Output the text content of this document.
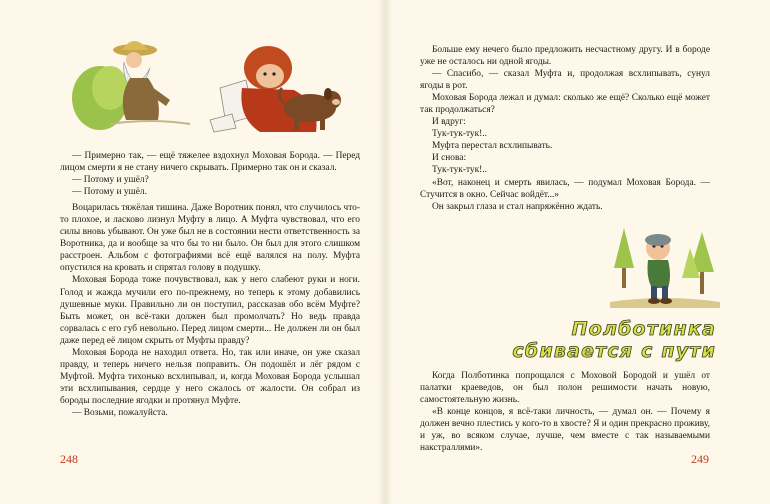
— Примерно так, — ещё тяжелее вздохнул Моховая Борода. — Перед лицом смерти я не стану ничего скрывать. Примерно так он и сказал.

— Потому и ушёл?

— Потому и ушёл.

Воцарилась тяжёлая тишина. Даже Воротник понял, что случилось что-то плохое, и ласково лизнул Муфту в лицо. А Муфта чувствовал, что его силы вновь убывают. Он уже был не в состоянии нести ответственность за Воротника, да и вообще за что бы то ни было. Он был для этого слишком расстроен. Альбом с фотографиями всё ещё валялся на полу. Муфта опустился на кровать и спрятал голову в подушку.

Моховая Борода тоже почувствовал, как у него слабеют руки и ноги. Голод и жажда мучили его по-прежнему, но теперь к этому добавились душевные муки. Правильно ли он поступил, рассказав обо всём Муфте? Быть может, он всё-таки должен был промолчать? Но ведь правда сорвалась с его губ невольно. Перед лицом смерти... Не должен ли он был даже перед её лицом скрыть от Муфты правду?

Моховая Борода не находил ответа. Но, так или иначе, он уже сказал правду, и теперь ничего нельзя поправить. Он подошёл и лёг рядом с Муфтой. Муфта тихонько всхлипывал, и, когда Моховая Борода услышал эти всхлипывания, сердце у него сжалось от жалости. Он собрал из бороды последние ягодки и протянул Муфте.

— Возьми, пожалуйста.

248

Больше ему нечего было предложить несчастному другу. И в бороде уже не осталось ни одной ягоды.

— Спасибо, — сказал Муфта и, продолжая всхлипывать, сунул ягоды в рот.

Моховая Борода лежал и думал: сколько же ещё? Сколько ещё может так продолжаться?

И вдруг:

Тук-тук-тук!..

Муфта перестал всхлипывать.

И снова:

Тук-тук-тук!..

«Вот, наконец и смерть явилась, — подумал Моховая Борода. — Стучится в окно. Сейчас войдёт...»

Он закрыл глаза и стал напряжённо ждать.

Полботинка
сбивается с пути

Когда Полботинка попрощался с Моховой Бородой и ушёл от палатки краеведов, он был полон решимости начать новую, самостоятельную жизнь.

«В конце концов, я всё-таки личность, — думал он. — Почему я должен вечно плестись у кого-то в хвосте? Я и один прекрасно проживу, и уж, во всяком случае, лучше, чем вместе с так называемыми накстраллями».

249
